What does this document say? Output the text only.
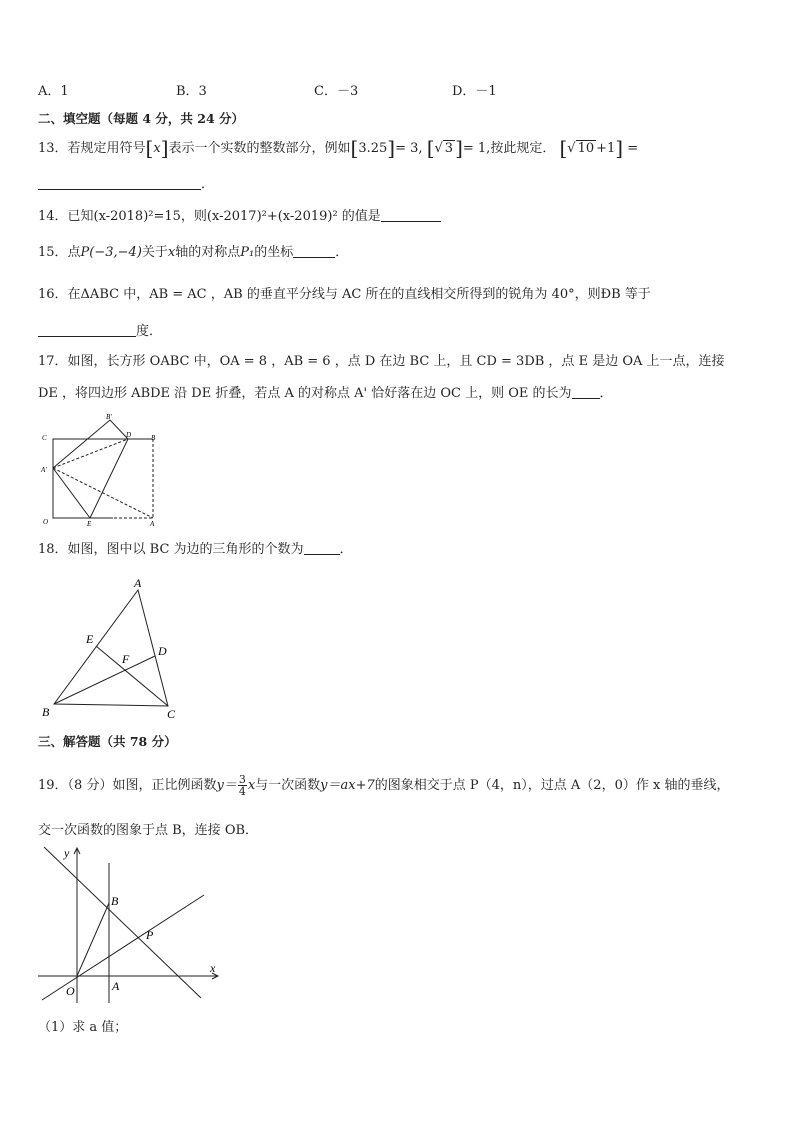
A．1	B．3	C．－3	D．－1
二、填空题（每题 4 分，共 24 分）
13．若规定用符号[x]表示一个实数的整数部分，例如[3.25]= 3, [√ 3 ]= 1,按此规定． [√ 10 +1] =
．
14．已知(x-2018)²=15，则(x-2017)²+(x-2019)² 的值是
15．点P(−3,−4)关于x轴的对称点P₁的坐标	．
16．在ΔABC 中，AB = AC ，AB 的垂直平分线与 AC 所在的直线相交所得到的锐角为 40°，则ÐB 等于
度．
17．如图，长方形 OABC 中，OA = 8 ，AB = 6 ，点 D 在边 BC 上，且 CD = 3DB ，点 E 是边 OA 上一点，连接
DE ，将四边形 ABDE 沿 DE 折叠，若点 A 的对称点 A' 恰好落在边 OC 上，则 OE 的长为 ．
B'
C	D	B
A'
O	E	A
18．如图，图中以 BC 为边的三角形的个数为	．
A
E
D
F
B	C
三、解答题（共 78 分）
19．（8 分）如图，正比例函数$y= \frac{3}{4}$ x与一次函数y＝ax+7的图象相交于点 P（4，n），过点 A（2，0）作 x 轴的垂线，
交一次函数的图象于点 B，连接 OB．
y
B
P
x
O	A
（1）求 a 值；
